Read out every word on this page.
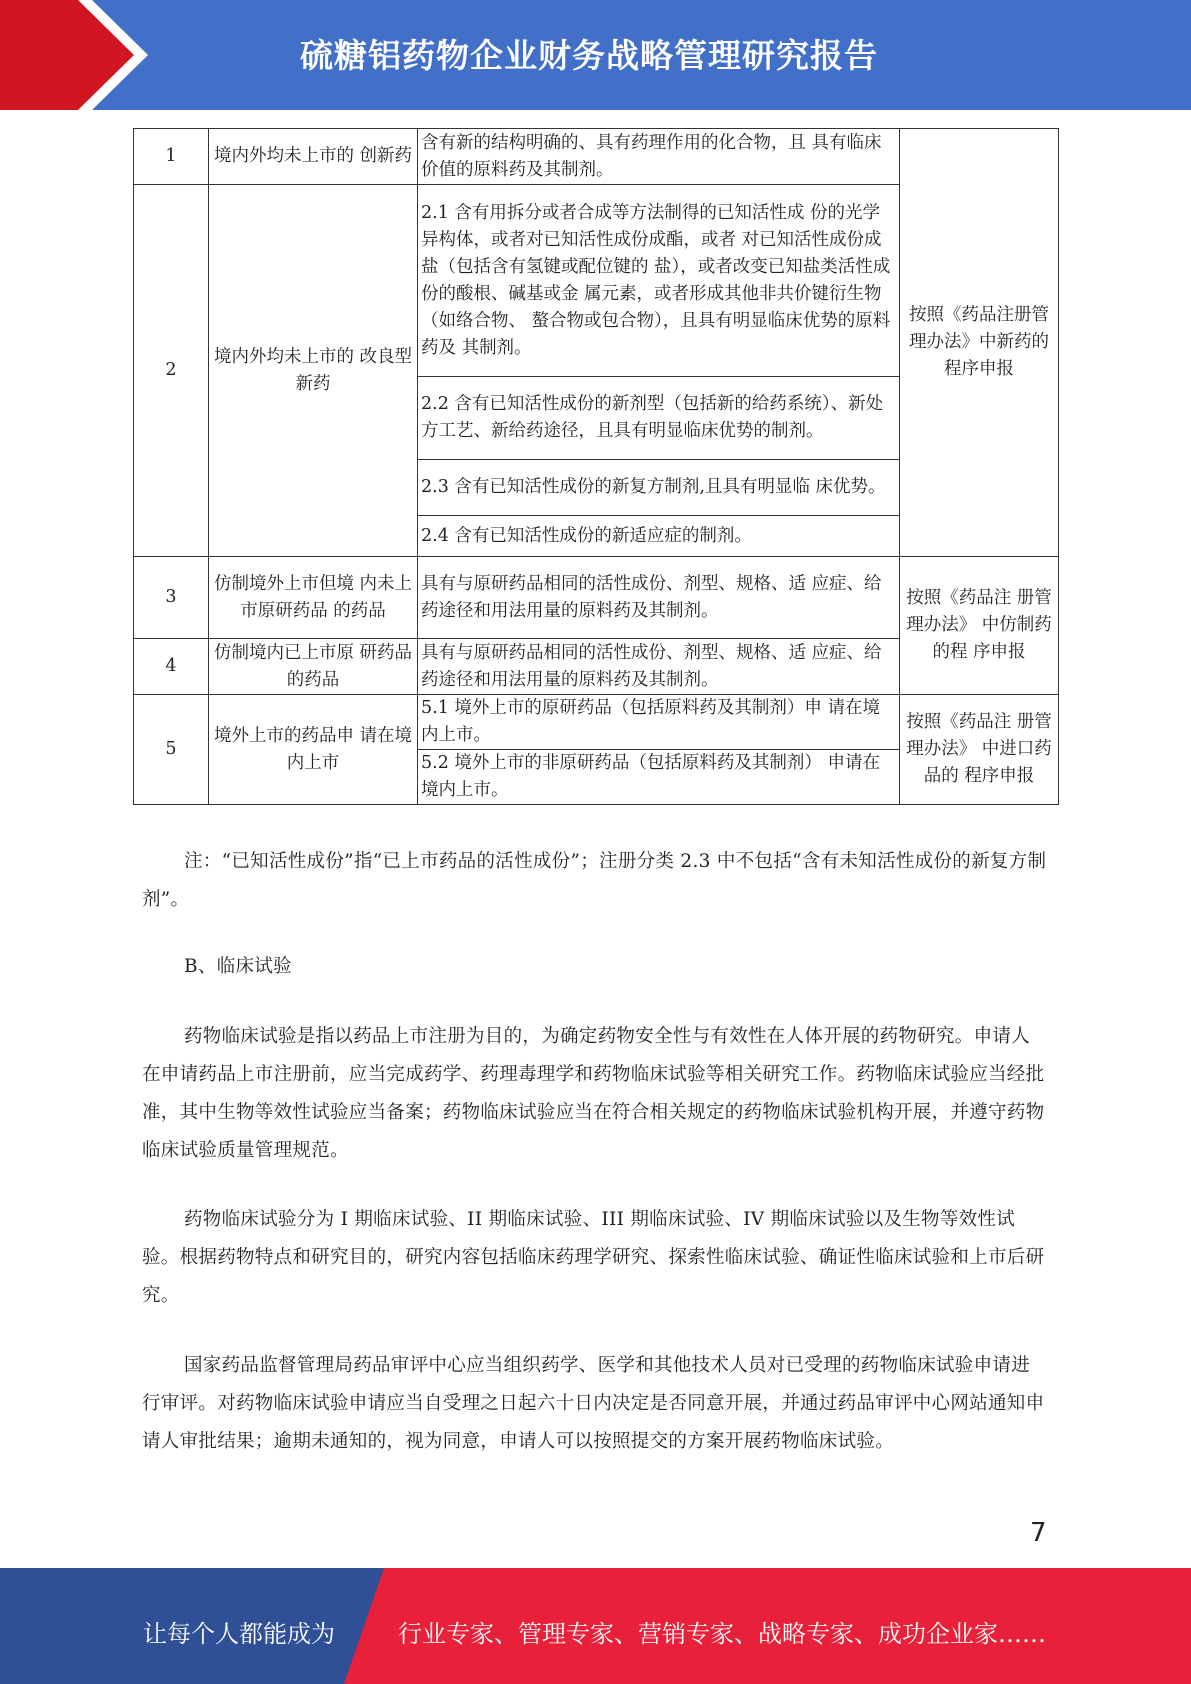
硫糖铝药物企业财务战略管理研究报告
1	境内外均未上市的 创新药	含有新的结构明确的、具有药理作用的化合物，且 具有临床价值的原料药及其制剂。	按照《药品注册管理办法》中新药的程序申报
2	境内外均未上市的 改良型新药	2.1 含有用拆分或者合成等方法制得的已知活性成 份的光学异构体，或者对已知活性成份成酯，或者 对已知活性成份成盐（包括含有氢键或配位键的 盐），或者改变已知盐类活性成份的酸根、碱基或金 属元素，或者形成其他非共价键衍生物（如络合物、 螯合物或包合物），且具有明显临床优势的原料药及 其制剂。	
		2.2 含有已知活性成份的新剂型（包括新的给药系统）、新处方工艺、新给药途径，且具有明显临床优势的制剂。	
		2.3 含有已知活性成份的新复方制剂,且具有明显临 床优势。	
		2.4 含有已知活性成份的新适应症的制剂。	
3	仿制境外上市但境 内未上市原研药品 的药品	具有与原研药品相同的活性成份、剂型、规格、适 应症、给药途径和用法用量的原料药及其制剂。	按照《药品注 册管理办法》 中仿制药的程 序申报
4	仿制境内已上市原 研药品的药品	具有与原研药品相同的活性成份、剂型、规格、适 应症、给药途径和用法用量的原料药及其制剂。	
5	境外上市的药品申 请在境内上市	5.1 境外上市的原研药品（包括原料药及其制剂）申 请在境内上市。	按照《药品注 册管理办法》 中进口药品的 程序申报
		5.2 境外上市的非原研药品（包括原料药及其制剂） 申请在境内上市。	

注：“已知活性成份”指“已上市药品的活性成份”；注册分类 2.3 中不包括“含有未知活性成份的新复方制剂”。

B、临床试验

药物临床试验是指以药品上市注册为目的，为确定药物安全性与有效性在人体开展的药物研究。申请人在申请药品上市注册前，应当完成药学、药理毒理学和药物临床试验等相关研究工作。药物临床试验应当经批准，其中生物等效性试验应当备案；药物临床试验应当在符合相关规定的药物临床试验机构开展，并遵守药物临床试验质量管理规范。

药物临床试验分为 I 期临床试验、II 期临床试验、III 期临床试验、IV 期临床试验以及生物等效性试验。根据药物特点和研究目的，研究内容包括临床药理学研究、探索性临床试验、确证性临床试验和上市后研究。

国家药品监督管理局药品审评中心应当组织药学、医学和其他技术人员对已受理的药物临床试验申请进行审评。对药物临床试验申请应当自受理之日起六十日内决定是否同意开展，并通过药品审评中心网站通知申请人审批结果；逾期未通知的，视为同意，申请人可以按照提交的方案开展药物临床试验。

7
让每个人都能成为	行业专家、管理专家、营销专家、战略专家、成功企业家……
